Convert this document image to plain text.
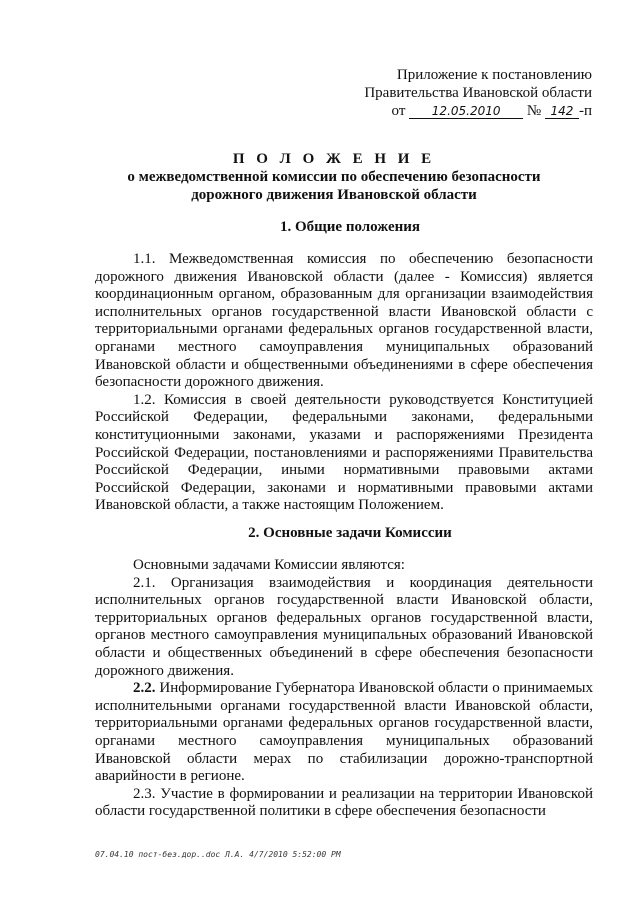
Приложение к постановлению
Правительства Ивановской области
от 12.05.2010 № 142 -п
П О Л О Ж Е Н И Е
о межведомственной комиссии по обеспечению безопасности
дорожного движения Ивановской области
1. Общие положения

1.1. Межведомственная комиссия по обеспечению безопасности дорожного движения Ивановской области (далее - Комиссия) является координационным органом, образованным для организации взаимодействия исполнительных органов государственной власти Ивановской области с территориальными органами федеральных органов государственной власти, органами местного самоуправления муниципальных образований Ивановской области и общественными объединениями в сфере обеспечения безопасности дорожного движения.

1.2. Комиссия в своей деятельности руководствуется Конституцией Российской Федерации, федеральными законами, федеральными конституционными законами, указами и распоряжениями Президента Российской Федерации, постановлениями и распоряжениями Правительства Российской Федерации, иными нормативными правовыми актами Российской Федерации, законами и нормативными правовыми актами Ивановской области, а также настоящим Положением.

2. Основные задачи Комиссии

Основными задачами Комиссии являются:

2.1. Организация взаимодействия и координация деятельности исполнительных органов государственной власти Ивановской области, территориальных органов федеральных органов государственной власти, органов местного самоуправления муниципальных образований Ивановской области и общественных объединений в сфере обеспечения безопасности дорожного движения.

2.2. Информирование Губернатора Ивановской области о принимаемых исполнительными органами государственной власти Ивановской области, территориальными органами федеральных органов государственной власти, органами местного самоуправления муниципальных образований Ивановской области мерах по стабилизации дорожно-транспортной аварийности в регионе.

2.3. Участие в формировании и реализации на территории Ивановской области государственной политики в сфере обеспечения безопасности

07.04.10 пост-без.дор..doc Л.А. 4/7/2010 5:52:00 PM
